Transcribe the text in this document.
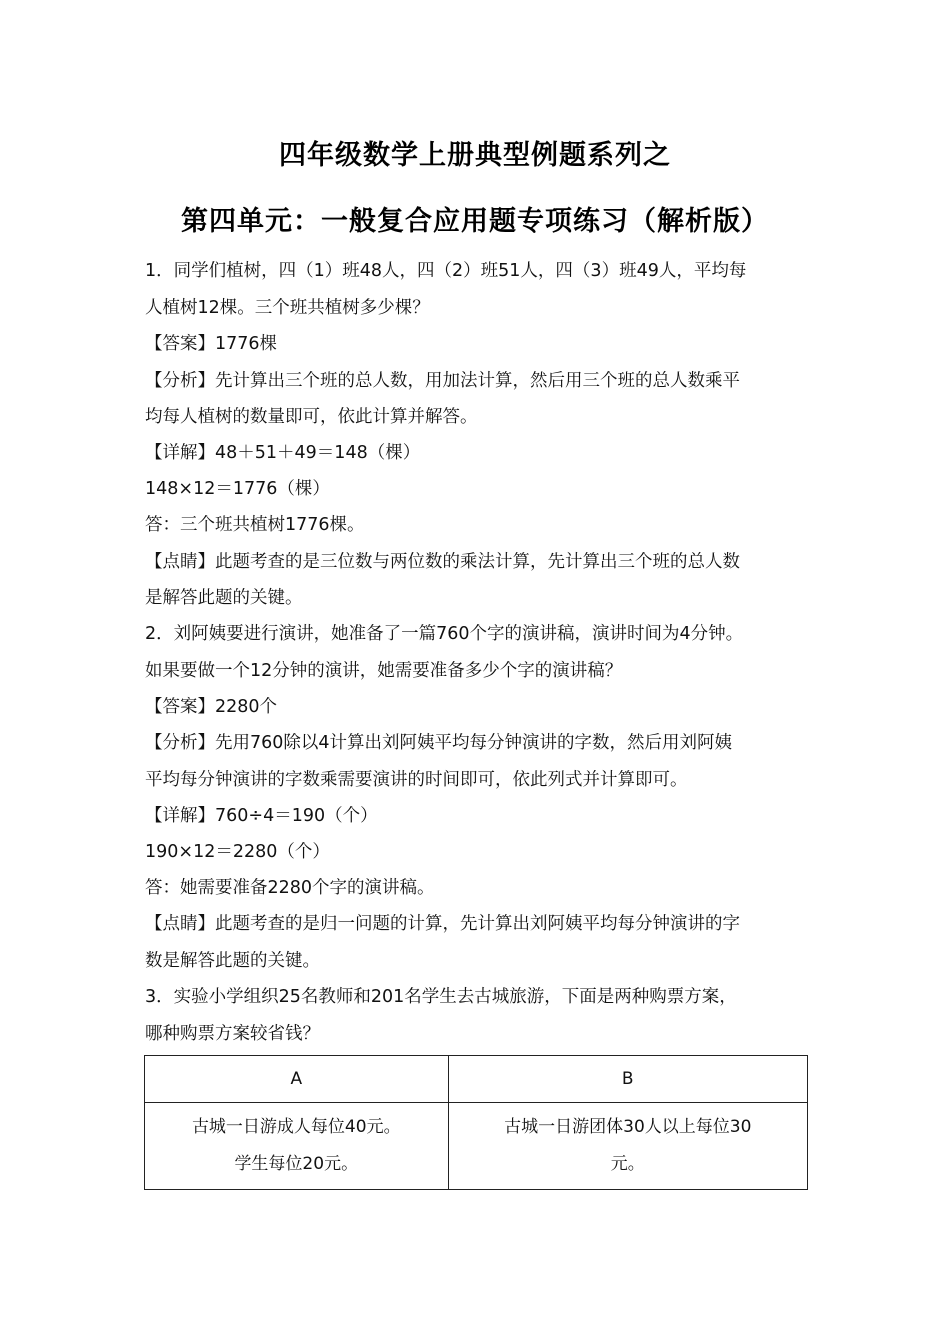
四年级数学上册典型例题系列之
第四单元：一般复合应用题专项练习（解析版）
1．同学们植树，四（1）班48人，四（2）班51人，四（3）班49人，平均每
人植树12棵。三个班共植树多少棵？
【答案】1776棵
【分析】先计算出三个班的总人数，用加法计算，然后用三个班的总人数乘平
均每人植树的数量即可，依此计算并解答。
【详解】48＋51＋49＝148（棵）
148×12＝1776（棵）
答：三个班共植树1776棵。
【点睛】此题考查的是三位数与两位数的乘法计算，先计算出三个班的总人数
是解答此题的关键。
2．刘阿姨要进行演讲，她准备了一篇760个字的演讲稿，演讲时间为4分钟。
如果要做一个12分钟的演讲，她需要准备多少个字的演讲稿？
【答案】2280个
【分析】先用760除以4计算出刘阿姨平均每分钟演讲的字数，然后用刘阿姨
平均每分钟演讲的字数乘需要演讲的时间即可，依此列式并计算即可。
【详解】760÷4＝190（个）
190×12＝2280（个）
答：她需要准备2280个字的演讲稿。
【点睛】此题考查的是归一问题的计算，先计算出刘阿姨平均每分钟演讲的字
数是解答此题的关键。
3．实验小学组织25名教师和201名学生去古城旅游，下面是两种购票方案，
哪种购票方案较省钱？
A	B

古城一日游成人每位40元。
学生每位20元。	古城一日游团体30人以上每位30
元。
